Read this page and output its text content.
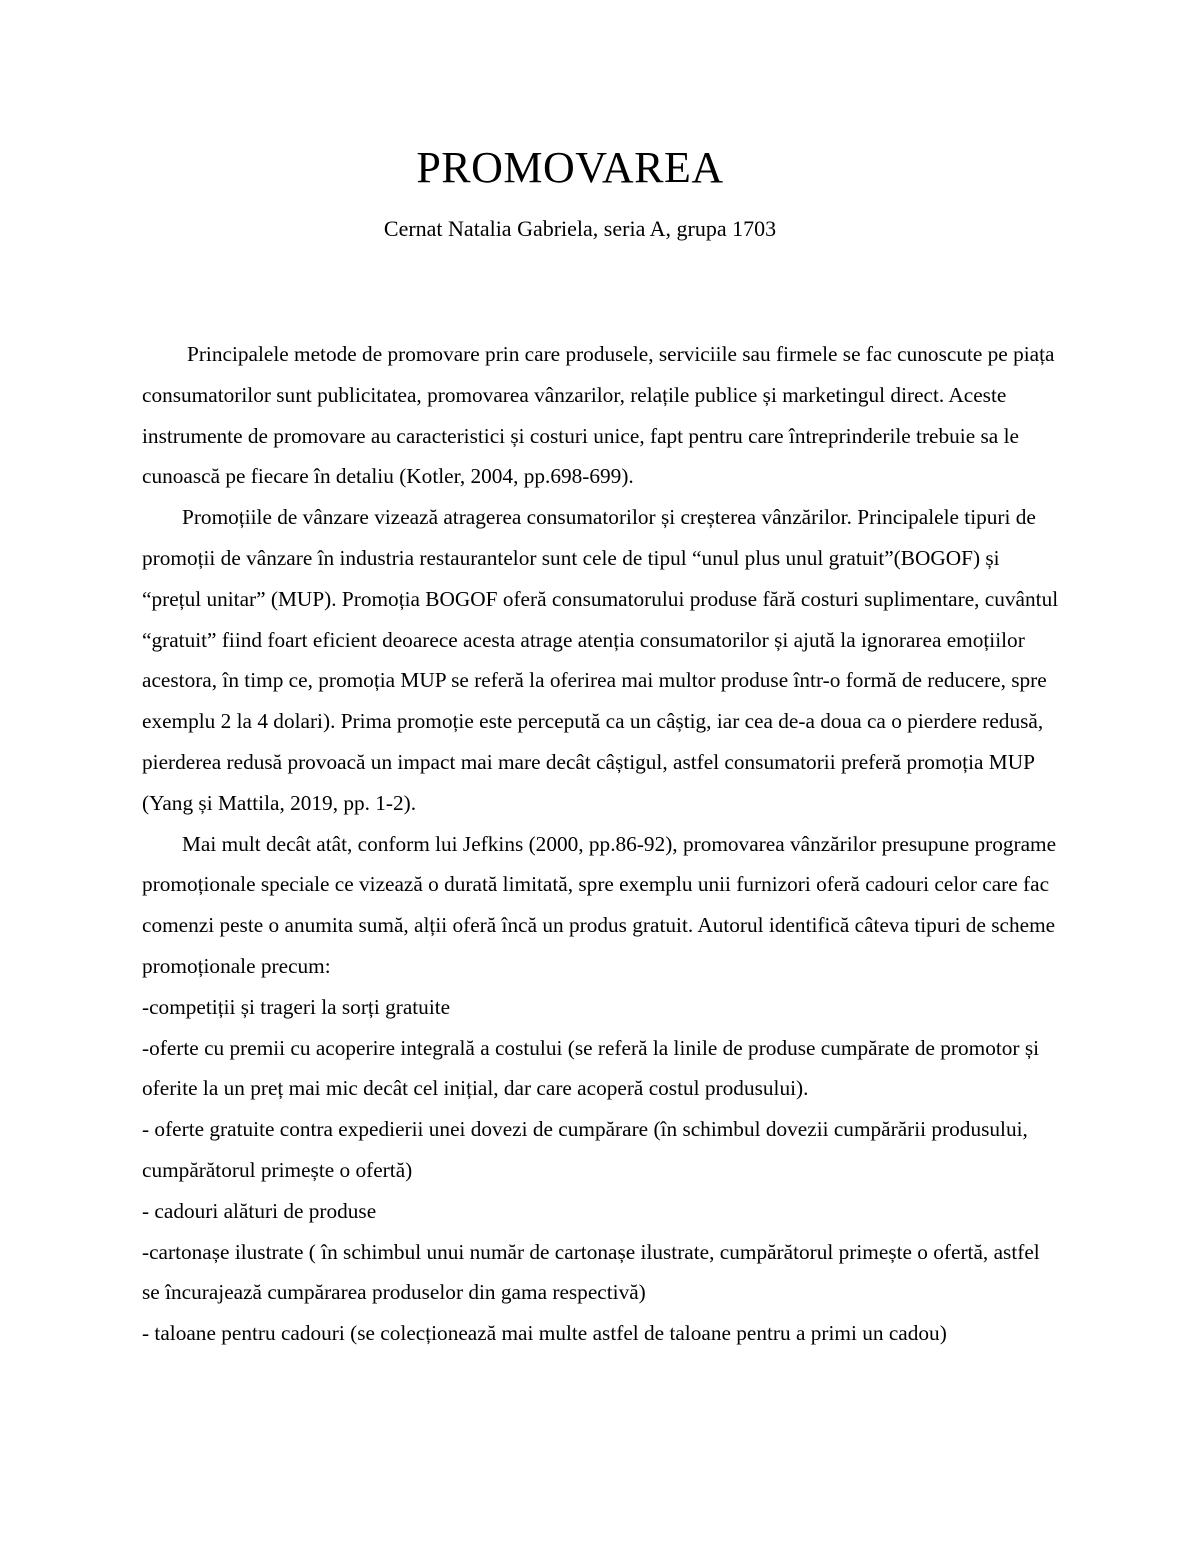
PROMOVAREA

Cernat Natalia Gabriela, seria A, grupa 1703

Principalele metode de promovare prin care produsele, serviciile sau firmele se fac cunoscute pe piața consumatorilor sunt publicitatea, promovarea vânzarilor, relațile publice și marketingul direct. Aceste instrumente de promovare au caracteristici și costuri unice, fapt pentru care întreprinderile trebuie sa le cunoască pe fiecare în detaliu (Kotler, 2004, pp.698-699).

Promoțiile de vânzare vizează atragerea consumatorilor și creșterea vânzărilor. Principalele tipuri de promoții de vânzare în industria restaurantelor sunt cele de tipul “unul plus unul gratuit”(BOGOF) și “prețul unitar” (MUP). Promoția BOGOF oferă consumatorului produse fără costuri suplimentare, cuvântul “gratuit” fiind foart eficient deoarece acesta atrage atenția consumatorilor și ajută la ignorarea emoțiilor acestora, în timp ce, promoția MUP se referă la oferirea mai multor produse într-o formă de reducere, spre exemplu 2 la 4 dolari). Prima promoție este percepută ca un câștig, iar cea de-a doua ca o pierdere redusă, pierderea redusă provoacă un impact mai mare decât câștigul, astfel consumatorii preferă promoția MUP (Yang și Mattila, 2019, pp. 1-2).

Mai mult decât atât, conform lui Jefkins (2000, pp.86-92), promovarea vânzărilor presupune programe promoționale speciale ce vizează o durată limitată, spre exemplu unii furnizori oferă cadouri celor care fac comenzi peste o anumita sumă, alții oferă încă un produs gratuit. Autorul identifică câteva tipuri de scheme promoționale precum:

-competiții și trageri la sorți gratuite

-oferte cu premii cu acoperire integrală a costului (se referă la linile de produse cumpărate de promotor și oferite la un preț mai mic decât cel inițial, dar care acoperă costul produsului).

- oferte gratuite contra expedierii unei dovezi de cumpărare (în schimbul dovezii cumpărării produsului, cumpărătorul primește o ofertă)

- cadouri alături de produse

-cartonașe ilustrate ( în schimbul unui număr de cartonașe ilustrate, cumpărătorul primește o ofertă, astfel se încurajează cumpărarea produselor din gama respectivă)

- taloane pentru cadouri (se colecționează mai multe astfel de taloane pentru a primi un cadou)
